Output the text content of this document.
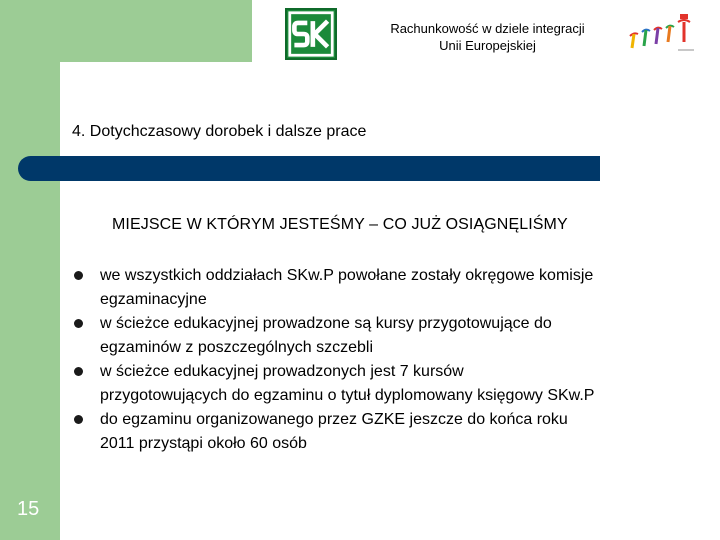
Rachunkowość w dziele integracji
Unii Europejskiej
4. Dotychczasowy dorobek i dalsze prace
MIEJSCE W KTÓRYM JESTEŚMY – CO JUŻ OSIĄGNĘLIŚMY
we wszystkich oddziałach SKw.P powołane zostały okręgowe komisje
egzaminacyjne
w ścieżce edukacyjnej prowadzone są kursy przygotowujące do
egzaminów z poszczególnych szczebli
w ścieżce edukacyjnej prowadzonych jest 7 kursów
przygotowujących do egzaminu o tytuł dyplomowany księgowy SKw.P
do egzaminu organizowanego przez GZKE jeszcze do końca roku
2011 przystąpi około 60 osób
15
